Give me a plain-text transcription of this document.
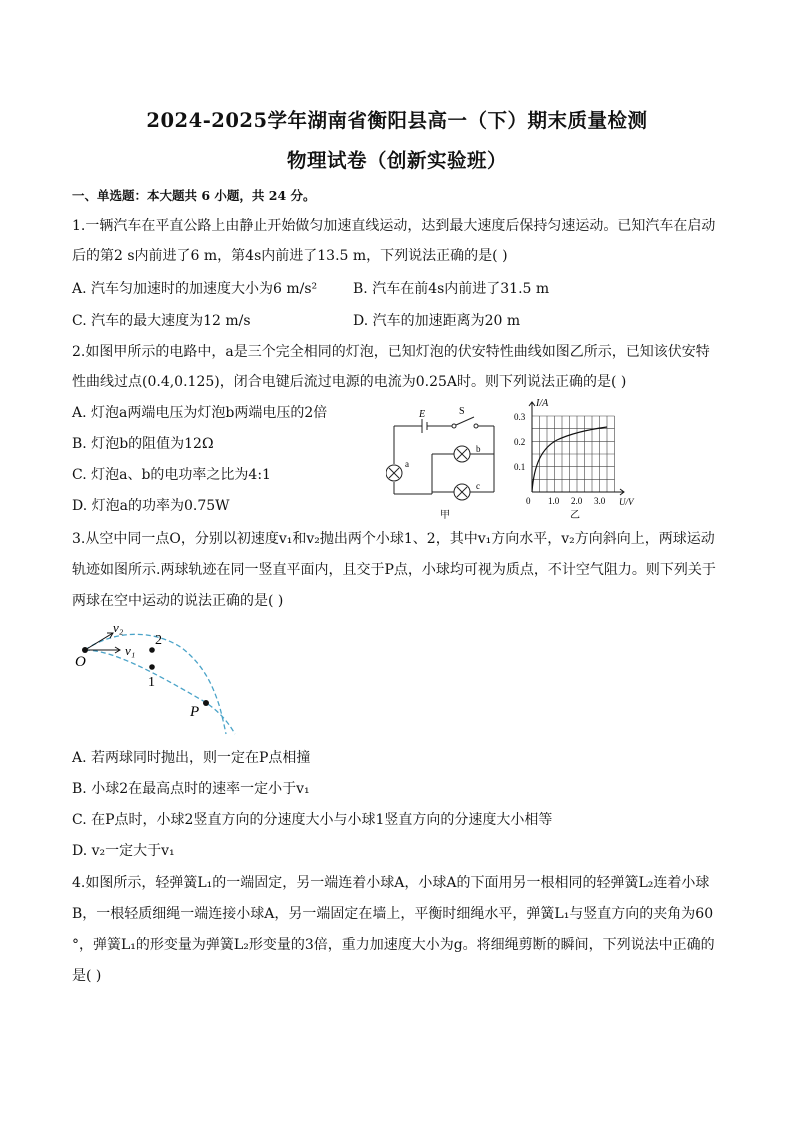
2024-2025学年湖南省衡阳县高一（下）期末质量检测
物理试卷（创新实验班）
一、单选题：本大题共 6 小题，共 24 分。
1.一辆汽车在平直公路上由静止开始做匀加速直线运动，达到最大速度后保持匀速运动。已知汽车在启动
后的第2 s内前进了6 m，第4s内前进了13.5 m，下列说法正确的是( )
A. 汽车匀加速时的加速度大小为6 m/s²	B. 汽车在前4s内前进了31.5 m
C. 汽车的最大速度为12 m/s	D. 汽车的加速距离为20 m
2.如图甲所示的电路中，a是三个完全相同的灯泡，已知灯泡的伏安特性曲线如图乙所示，已知该伏安特
性曲线过点(0.4,0.125)，闭合电键后流过电源的电流为0.25A时。则下列说法正确的是( )
A. 灯泡a两端电压为灯泡b两端电压的2倍
B. 灯泡b的阻值为12Ω
C. 灯泡a、b的电功率之比为4:1
D. 灯泡a的功率为0.75W
E	S
a
b
c
甲
I/A
0.3
0.2
0.1
0 1.0 2.0 3.0 U/V
乙
3.从空中同一点O，分别以初速度v₁和v₂抛出两个小球1、2，其中v₁方向水平，v₂方向斜向上，两球运动
轨迹如图所示.两球轨迹在同一竖直平面内，且交于P点，小球均可视为质点，不计空气阻力。则下列关于
两球在空中运动的说法正确的是( )
O
P
v₂
v₁
2
1
A. 若两球同时抛出，则一定在P点相撞
B. 小球2在最高点时的速率一定小于v₁
C. 在P点时，小球2竖直方向的分速度大小与小球1竖直方向的分速度大小相等
D. v₂一定大于v₁
4.如图所示，轻弹簧L₁的一端固定，另一端连着小球A，小球A的下面用另一根相同的轻弹簧L₂连着小球
B，一根轻质细绳一端连接小球A，另一端固定在墙上，平衡时细绳水平，弹簧L₁与竖直方向的夹角为60
°，弹簧L₁的形变量为弹簧L₂形变量的3倍，重力加速度大小为g。将细绳剪断的瞬间，下列说法中正确的
是( )
